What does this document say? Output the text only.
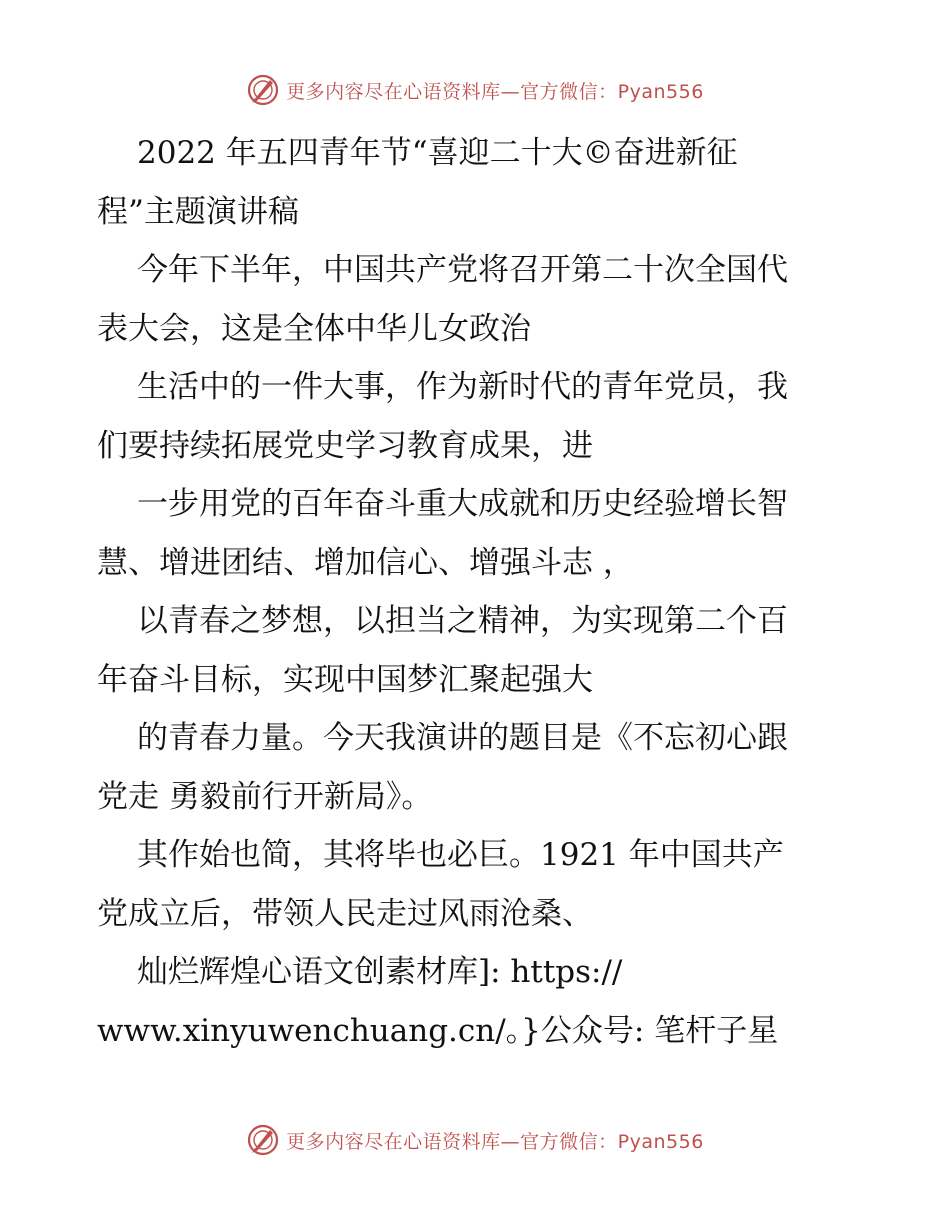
更多内容尽在心语资料库—官方微信：Pyan556
2022 年五四青年节“喜迎二十大©奋进新征
程”主题演讲稿
今年下半年，中国共产党将召开第二十次全国代
表大会，这是全体中华儿女政治
生活中的一件大事，作为新时代的青年党员，我
们要持续拓展党史学习教育成果，进
一步用党的百年奋斗重大成就和历史经验增长智
慧、增进团结、增加信心、增强斗志 ，
以青春之梦想，以担当之精神，为实现第二个百
年奋斗目标，实现中国梦汇聚起强大
的青春力量。今天我演讲的题目是《不忘初心跟
党走 勇毅前行开新局》。
其作始也简，其将毕也必巨。1921 年中国共产
党成立后，带领人民走过风雨沧桑、
灿烂辉煌心语文创素材库]: https://
www.xinyuwenchuang.cn/。}公众号: 笔杆子星
更多内容尽在心语资料库—官方微信：Pyan556
